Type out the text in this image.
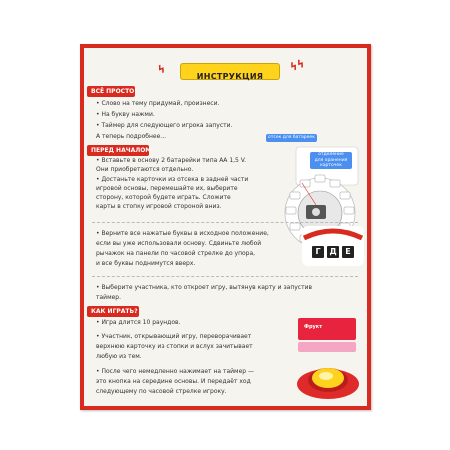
ϟ	ИНСТРУКЦИЯ
ϟϟ
ВСЁ ПРОСТО!
• Слово на тему придумай, произнеси.
• На букву нажми.
• Таймер для следующего игрока запусти.
А теперь подробнее...
ПЕРЕД НАЧАЛОМ
• Вставьте в основу 2 батарейки типа АА 1,5 V.
Они приобретаются отдельно.
• Достаньте карточки из отсека в задней части
игровой основы, перемешайте их, выберите
сторону, которой будете играть. Сложите
карты в стопку игровой стороной вниз.
отсек для батареек
отделение
для хранения
карточек
• Верните все нажатые буквы в исходное положение,
если вы уже использовали основу. Сдвиньте любой
рычажок на панели по часовой стрелке до упора,
и все буквы поднимутся вверх.
Г	Д	Е
• Выберите участника, кто откроет игру, вытянув карту и запустив
таймер.
КАК ИГРАТЬ?
• Игра длится 10 раундов.
• Участник, открывающий игру, переворачивает
верхнюю карточку из стопки и вслух зачитывает
любую из тем.
• После чего немедленно нажимает на таймер —
это кнопка на середине основы. И передаёт ход
следующему по часовой стрелке игроку.
Фрукт
